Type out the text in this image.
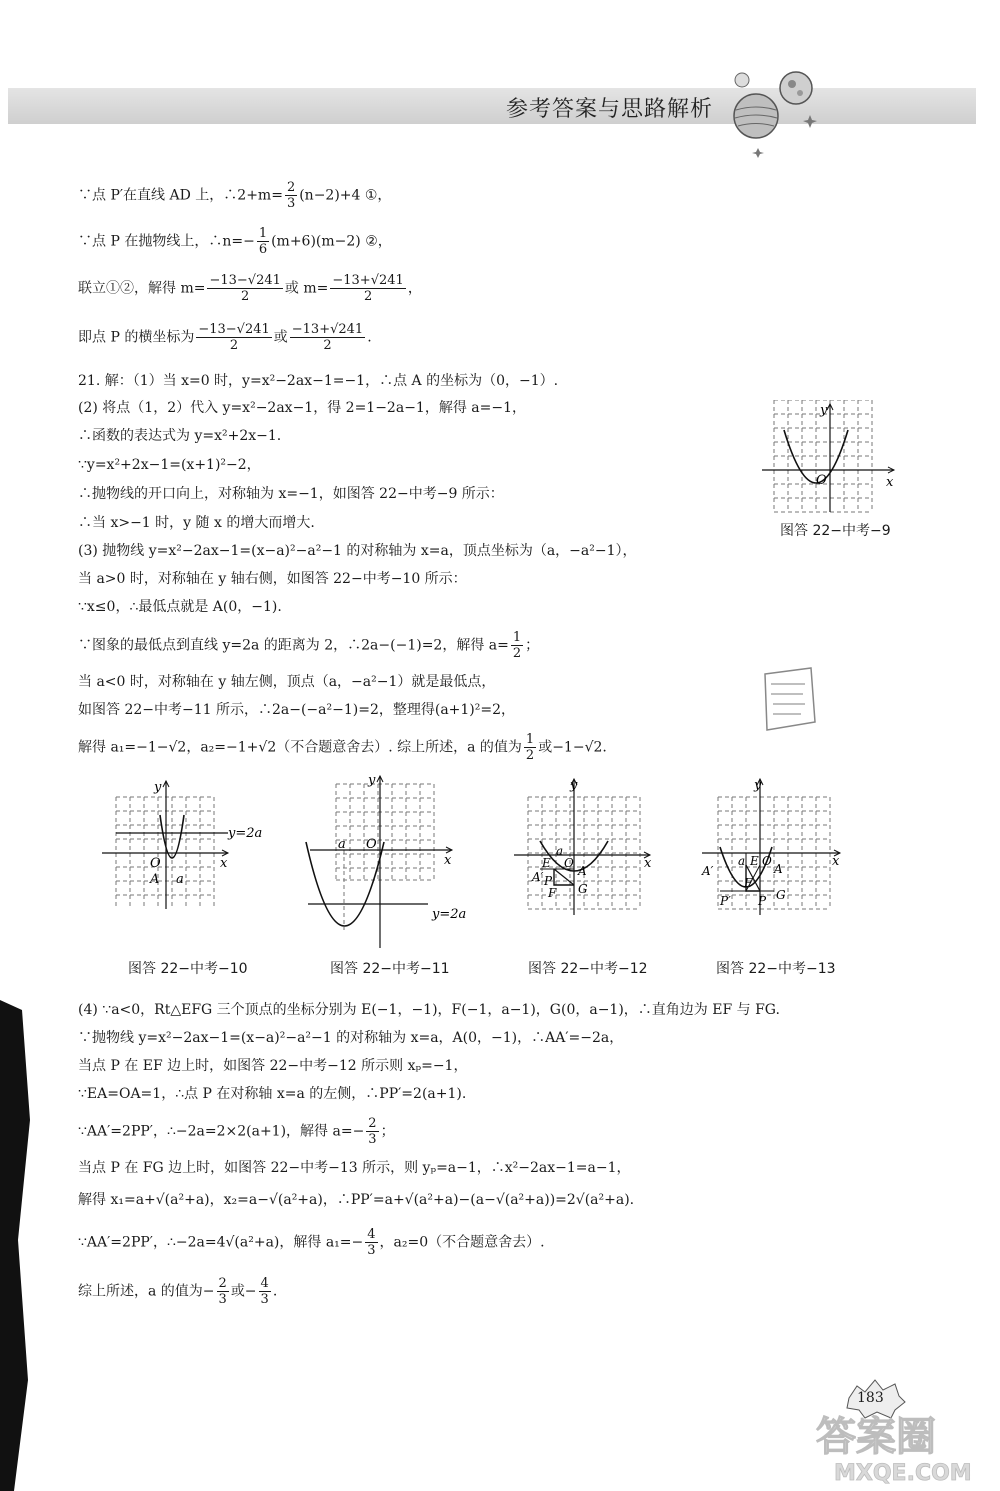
参考答案与思路解析
∵点 P′在直线 AD 上，∴2+m= $\frac{2}{3} (n-2)+4$ ①，
∵点 P 在抛物线上，∴n=− $\frac{1}{6} (m+6)(m-2)$ ②，
联立①②，解得 $m= \frac{-13-√241}{2}$ 或 $m= \frac{-13+√241}{2}$ ，
即点 P 的横坐标为 $\frac{-13-√241}{2}$ 或 $\frac{-13+√241}{2}$ .
21. 解：（1）当 x=0 时，y=x²−2ax−1=−1，∴点 A 的坐标为（0，−1）.
(2) 将点（1，2）代入 y=x²−2ax−1，得 2=1−2a−1，解得 a=−1，
∴函数的表达式为 y=x²+2x−1.
∵y=x²+2x−1=(x+1)²−2，
∴抛物线的开口向上，对称轴为 x=−1，如图答 22−中考−9 所示：
∴当 x>−1 时，y 随 x 的增大而增大.
(3) 抛物线 y=x²−2ax−1=(x−a)²−a²−1 的对称轴为 x=a，顶点坐标为（a，−a²−1），
当 a>0 时，对称轴在 y 轴右侧，如图答 22−中考−10 所示：
∵x≤0，∴最低点就是 A(0，−1).
∵图象的最低点到直线 y=2a 的距离为 2，∴2a−(−1)=2，解得 $a= \frac{1}{2}$ ；
当 a<0 时，对称轴在 y 轴左侧，顶点（a，−a²−1）就是最低点，
如图答 22−中考−11 所示，∴2a−(−a²−1)=2，整理得(a+1)²=2，
解得 a₁=−1−√2，a₂=−1+√2（不合题意舍去）. 综上所述，a 的值为 $\frac{1}{2}$ 或−1−√2.
(4) ∵a<0，Rt△EFG 三个顶点的坐标分别为 E(−1，−1)，F(−1，a−1)，G(0，a−1)，∴直角边为 EF 与 FG.
∵抛物线 y=x²−2ax−1=(x−a)²−a²−1 的对称轴为 x=a，A(0，−1)，∴AA′=−2a，
当点 P 在 EF 边上时，如图答 22−中考−12 所示则 xₚ=−1，
∵EA=OA=1，∴点 P 在对称轴 x=a 的左侧，∴PP′=2(a+1).
∵AA′=2PP′，∴−2a=2×2(a+1)，解得 $a=- \frac{2}{3}$ ；
当点 P 在 FG 边上时，如图答 22−中考−13 所示，则 yₚ=a−1，∴x²−2ax−1=a−1，
解得 x₁=a+√(a²+a)，x₂=a−√(a²+a)，∴PP′=a+√(a²+a)−(a−√(a²+a))=2√(a²+a).
∵AA′=2PP′，∴−2a=4√(a²+a)，解得 $a_1=- \frac{4}{3}$ ，a₂=0（不合题意舍去）.
综上所述，a 的值为− $\frac{2}{3}$ 或− $\frac{4}{3}$ .
y
x
O
图答 22−中考−9
y
x
O
A a
y=2a
图答 22−中考−10
y
x
O
a
y=2a
图答 22−中考−11
y
x
E O
a
A′ P
A
F G
图答 22−中考−12
y
x
a E O
A′	A
F
P′ P G
图答 22−中考−13
183
答案圈
MXQE.COM
